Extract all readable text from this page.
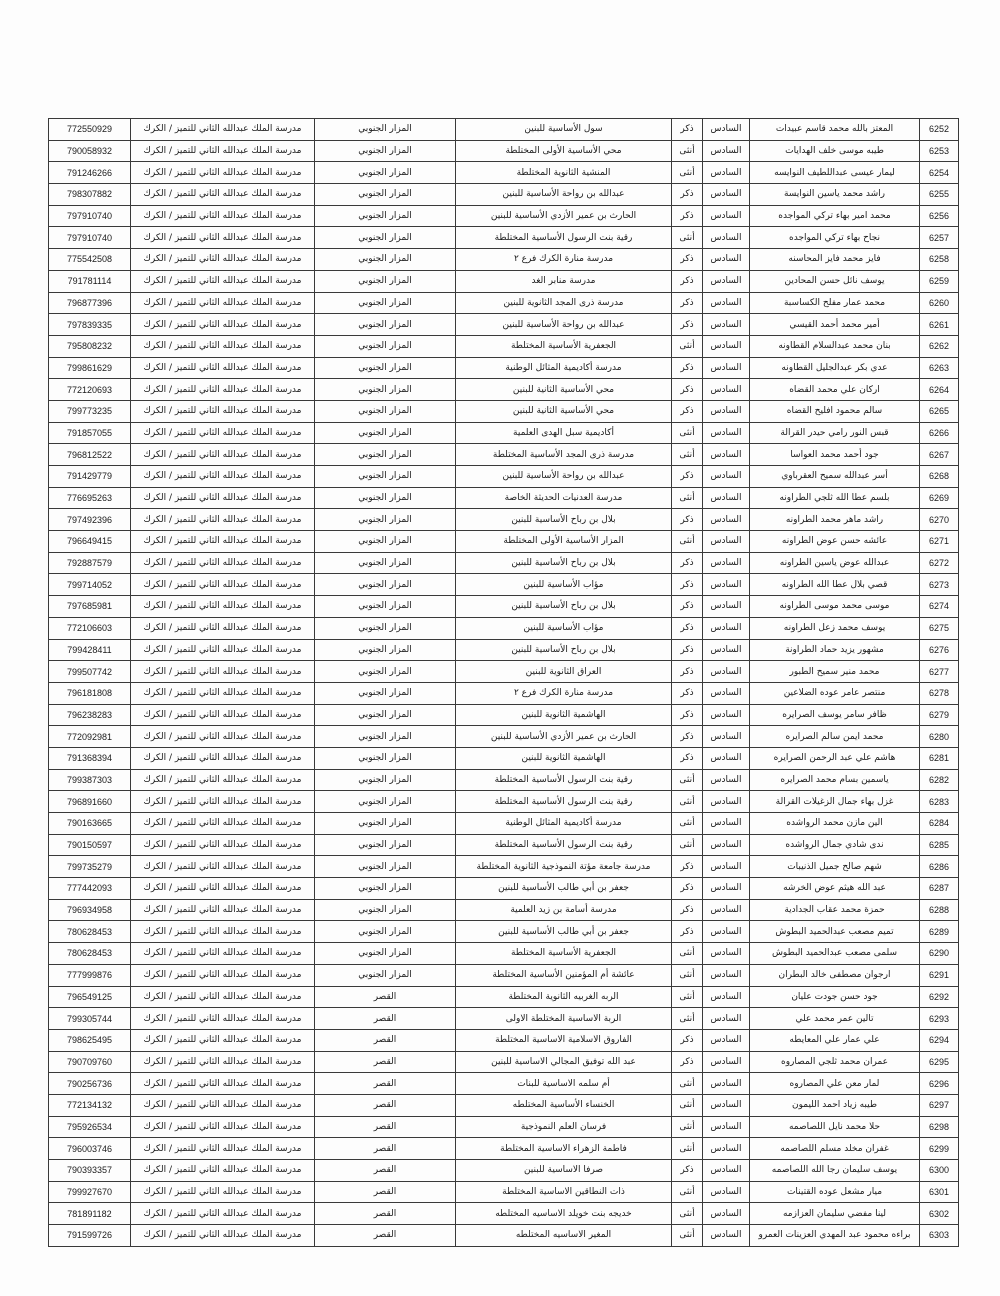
6252	المعتز بالله محمد قاسم عبيدات	السادس	ذكر	سول الأساسية للبنين	المزار الجنوبي	مدرسة الملك عبدالله الثاني للتميز / الكرك	772550929
6253	طيبه موسى خلف الهدايات	السادس	أنثى	محي الأساسية الأولى المختلطة	المزار الجنوبي	مدرسة الملك عبدالله الثاني للتميز / الكرك	790058932
6254	ليمار عيسى عبداللطيف النوايسه	السادس	أنثى	المنشية الثانوية المختلطة	المزار الجنوبي	مدرسة الملك عبدالله الثاني للتميز / الكرك	791246266
6255	راشد محمد ياسين النوايسة	السادس	ذكر	عبدالله بن رواحة الأساسية للبنين	المزار الجنوبي	مدرسة الملك عبدالله الثاني للتميز / الكرك	798307882
6256	محمد امير بهاء تركي المواجده	السادس	ذكر	الحارث بن عمير الأزدي الأساسية للبنين	المزار الجنوبي	مدرسة الملك عبدالله الثاني للتميز / الكرك	797910740
6257	نجاح بهاء تركي المواجده	السادس	أنثى	رقية بنت الرسول الأساسية المختلطة	المزار الجنوبي	مدرسة الملك عبدالله الثاني للتميز / الكرك	797910740
6258	فايز محمد فايز المحاسنه	السادس	ذكر	مدرسة منارة الكرك فرع ٢	المزار الجنوبي	مدرسة الملك عبدالله الثاني للتميز / الكرك	775542508
6259	يوسف نائل حسن المحادين	السادس	ذكر	مدرسة منابر الغد	المزار الجنوبي	مدرسة الملك عبدالله الثاني للتميز / الكرك	791781114
6260	محمد عمار مفلح الكساسبة	السادس	ذكر	مدرسة ذرى المجد الثانوية للبنين	المزار الجنوبي	مدرسة الملك عبدالله الثاني للتميز / الكرك	796877396
6261	أمير محمد أحمد القيسي	السادس	ذكر	عبدالله بن رواحة الأساسية للبنين	المزار الجنوبي	مدرسة الملك عبدالله الثاني للتميز / الكرك	797839335
6262	بنان محمد عبدالسلام القطاونه	السادس	أنثى	الجعفرية الأساسية المختلطة	المزار الجنوبي	مدرسة الملك عبدالله الثاني للتميز / الكرك	795808232
6263	عدي بكر عبدالجليل القطاونه	السادس	ذكر	مدرسة أكاديمية المثائل الوطنية	المزار الجنوبي	مدرسة الملك عبدالله الثاني للتميز / الكرك	799861629
6264	اركان علي محمد القضاه	السادس	ذكر	محي الأساسية الثانية للبنين	المزار الجنوبي	مدرسة الملك عبدالله الثاني للتميز / الكرك	772120693
6265	سالم محمود افليح القضاه	السادس	ذكر	محي الأساسية الثانية للبنين	المزار الجنوبي	مدرسة الملك عبدالله الثاني للتميز / الكرك	799773235
6266	قبس النور رامي حيدر القرالة	السادس	أنثى	أكاديمية سبل الهدى العلمية	المزار الجنوبي	مدرسة الملك عبدالله الثاني للتميز / الكرك	791857055
6267	جود أحمد محمد العواسا	السادس	أنثى	مدرسة ذرى المجد الأساسية المختلطة	المزار الجنوبي	مدرسة الملك عبدالله الثاني للتميز / الكرك	796812522
6268	أسر عبدالله سميح العقرباوي	السادس	ذكر	عبدالله بن رواحة الأساسية للبنين	المزار الجنوبي	مدرسة الملك عبدالله الثاني للتميز / الكرك	791429779
6269	بلسم عطا الله ثلجي الطراونه	السادس	أنثى	مدرسة العدنيات الحديثة الخاصة	المزار الجنوبي	مدرسة الملك عبدالله الثاني للتميز / الكرك	776695263
6270	راشد ماهر محمد الطراونه	السادس	ذكر	بلال بن رباح الأساسية للبنين	المزار الجنوبي	مدرسة الملك عبدالله الثاني للتميز / الكرك	797492396
6271	عائشه حسن عوض الطراونه	السادس	أنثى	المزار الأساسية الأولى المختلطة	المزار الجنوبي	مدرسة الملك عبدالله الثاني للتميز / الكرك	796649415
6272	عبدالله عوض ياسين الطراونه	السادس	ذكر	بلال بن رباح الأساسية للبنين	المزار الجنوبي	مدرسة الملك عبدالله الثاني للتميز / الكرك	792887579
6273	قصي بلال عطا الله الطراونه	السادس	ذكر	مؤاب الأساسية للبنين	المزار الجنوبي	مدرسة الملك عبدالله الثاني للتميز / الكرك	799714052
6274	موسى محمد موسى الطراونه	السادس	ذكر	بلال بن رباح الأساسية للبنين	المزار الجنوبي	مدرسة الملك عبدالله الثاني للتميز / الكرك	797685981
6275	يوسف محمد زعل الطراونه	السادس	ذكر	مؤاب الأساسية للبنين	المزار الجنوبي	مدرسة الملك عبدالله الثاني للتميز / الكرك	772106603
6276	مشهور يزيد حماد الطراونة	السادس	ذكر	بلال بن رباح الأساسية للبنين	المزار الجنوبي	مدرسة الملك عبدالله الثاني للتميز / الكرك	799428411
6277	محمد منير سميح الطبور	السادس	ذكر	العراق الثانوية للبنين	المزار الجنوبي	مدرسة الملك عبدالله الثاني للتميز / الكرك	799507742
6278	منتصر عامر عوده الضلاعين	السادس	ذكر	مدرسة منارة الكرك فرع ٢	المزار الجنوبي	مدرسة الملك عبدالله الثاني للتميز / الكرك	796181808
6279	ظافر سامر يوسف الصرايره	السادس	ذكر	الهاشمية الثانوية للبنين	المزار الجنوبي	مدرسة الملك عبدالله الثاني للتميز / الكرك	796238283
6280	محمد ايمن سالم الصرايره	السادس	ذكر	الحارث بن عمير الأزدي الأساسية للبنين	المزار الجنوبي	مدرسة الملك عبدالله الثاني للتميز / الكرك	772092981
6281	هاشم علي عبد الرحمن الصرايره	السادس	ذكر	الهاشمية الثانوية للبنين	المزار الجنوبي	مدرسة الملك عبدالله الثاني للتميز / الكرك	791368394
6282	ياسمين بسام محمد الصرايره	السادس	أنثى	رقية بنت الرسول الأساسية المختلطة	المزار الجنوبي	مدرسة الملك عبدالله الثاني للتميز / الكرك	799387303
6283	غزل بهاء جمال الزغيلات القرالة	السادس	أنثى	رقية بنت الرسول الأساسية المختلطة	المزار الجنوبي	مدرسة الملك عبدالله الثاني للتميز / الكرك	796891660
6284	الين مازن محمد الرواشده	السادس	أنثى	مدرسة أكاديمية المثائل الوطنية	المزار الجنوبي	مدرسة الملك عبدالله الثاني للتميز / الكرك	790163665
6285	ندى شادي جمال الرواشده	السادس	أنثى	رقية بنت الرسول الأساسية المختلطة	المزار الجنوبي	مدرسة الملك عبدالله الثاني للتميز / الكرك	790150597
6286	شهم صالح جميل الذنيبات	السادس	ذكر	مدرسة جامعة مؤتة النموذجية الثانوية المختلطة	المزار الجنوبي	مدرسة الملك عبدالله الثاني للتميز / الكرك	799735279
6287	عبد الله هيثم عوض الخرشه	السادس	ذكر	جعفر بن أبي طالب الأساسية للبنين	المزار الجنوبي	مدرسة الملك عبدالله الثاني للتميز / الكرك	777442093
6288	حمزة محمد عقاب الجدادية	السادس	ذكر	مدرسة أسامة بن زيد العلمية	المزار الجنوبي	مدرسة الملك عبدالله الثاني للتميز / الكرك	796934958
6289	تميم مصعب عبدالحميد البطوش	السادس	ذكر	جعفر بن أبي طالب الأساسية للبنين	المزار الجنوبي	مدرسة الملك عبدالله الثاني للتميز / الكرك	780628453
6290	سلمى مصعب عبدالحميد البطوش	السادس	أنثى	الجعفرية الأساسية المختلطة	المزار الجنوبي	مدرسة الملك عبدالله الثاني للتميز / الكرك	780628453
6291	ارجوان مصطفى خالد البطران	السادس	أنثى	عائشة أم المؤمنين الأساسية المختلطة	المزار الجنوبي	مدرسة الملك عبدالله الثاني للتميز / الكرك	777999876
6292	جود حسن جودت عليان	السادس	أنثى	الربه الغربيه الثانوية المختلطة	القصر	مدرسة الملك عبدالله الثاني للتميز / الكرك	796549125
6293	تالين عمر محمد علي	السادس	أنثى	الربة الاساسية المختلطة الاولى	القصر	مدرسة الملك عبدالله الثاني للتميز / الكرك	799305744
6294	علي عمار علي المعايطه	السادس	ذكر	الفاروق الاسلامية الاساسية المختلطة	القصر	مدرسة الملك عبدالله الثاني للتميز / الكرك	798625495
6295	عمران محمد ثلجي المصاروه	السادس	ذكر	عبد الله توفيق المجالي الاساسية للبنين	القصر	مدرسة الملك عبدالله الثاني للتميز / الكرك	790709760
6296	لمار معن علي المصاروه	السادس	أنثى	أم سلمه الاساسية للبنات	القصر	مدرسة الملك عبدالله الثاني للتميز / الكرك	790256736
6297	طيبه زياد احمد الليمون	السادس	أنثى	الخنساء الأساسية المختلطه	القصر	مدرسة الملك عبدالله الثاني للتميز / الكرك	772134132
6298	حلا محمد نايل اللصاصمه	السادس	أنثى	فرسان العلم النموذجية	القصر	مدرسة الملك عبدالله الثاني للتميز / الكرك	795926534
6299	غفران مخلد مسلم اللصاصمه	السادس	أنثى	فاطمة الزهراء الاساسية المختلطة	القصر	مدرسة الملك عبدالله الثاني للتميز / الكرك	796003746
6300	يوسف سليمان رجا الله اللصاصمه	السادس	ذكر	صرفا الاساسية للبنين	القصر	مدرسة الملك عبدالله الثاني للتميز / الكرك	790393357
6301	ميار مشعل عوده القتينات	السادس	أنثى	ذات النطاقين الاساسية المختلطة	القصر	مدرسة الملك عبدالله الثاني للتميز / الكرك	799927670
6302	لينا مفضي سليمان العزازمه	السادس	أنثى	خديجه بنت خويلد الاساسيه المختلطه	القصر	مدرسة الملك عبدالله الثاني للتميز / الكرك	781891182
6303	براءه محمود عبد المهدي العزينات العمرو	السادس	أنثى	المغير الاساسيه المختلطه	القصر	مدرسة الملك عبدالله الثاني للتميز / الكرك	791599726
